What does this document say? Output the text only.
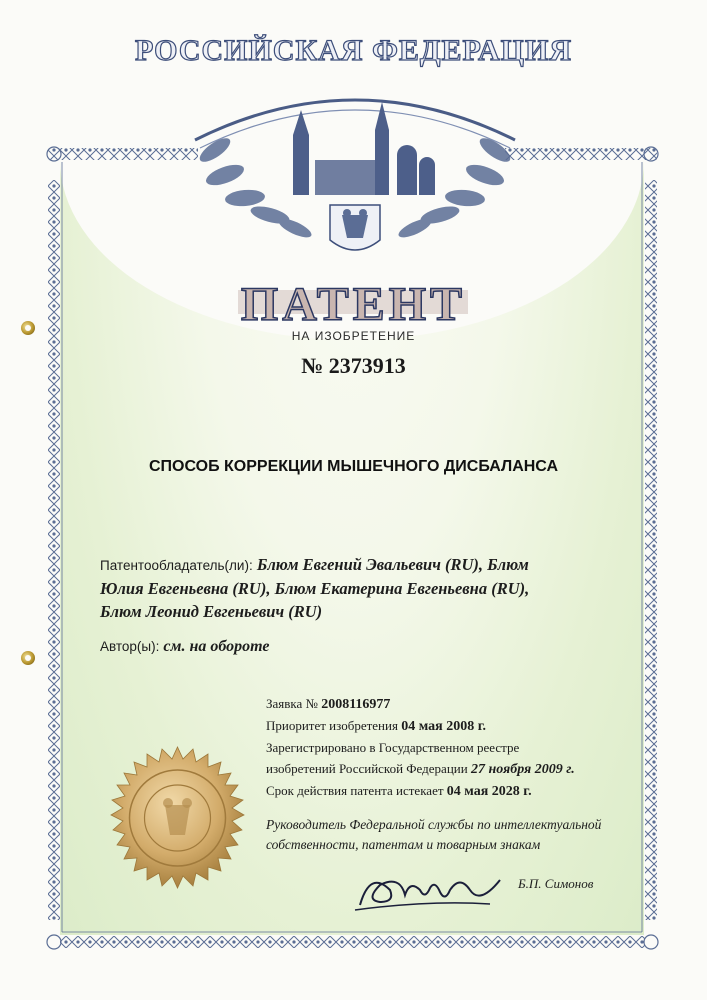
РОССИЙСКАЯ ФЕДЕРАЦИЯ
ПАТЕНТ
НА ИЗОБРЕТЕНИЕ
№ 2373913
СПОСОБ КОРРЕКЦИИ МЫШЕЧНОГО ДИСБАЛАНСА
Патентообладатель(ли): Блюм Евгений Эвальевич (RU), Блюм
Юлия Евгеньевна (RU), Блюм Екатерина Евгеньевна (RU),
Блюм Леонид Евгеньевич (RU)
Автор(ы): см. на обороте
Заявка № 2008116977
Приоритет изобретения 04 мая 2008 г.
Зарегистрировано в Государственном реестре
изобретений Российской Федерации 27 ноября 2009 г.
Срок действия патента истекает 04 мая 2028 г.
Руководитель Федеральной службы по интеллектуальной
собственности, патентам и товарным знакам
Б.П. Симонов
